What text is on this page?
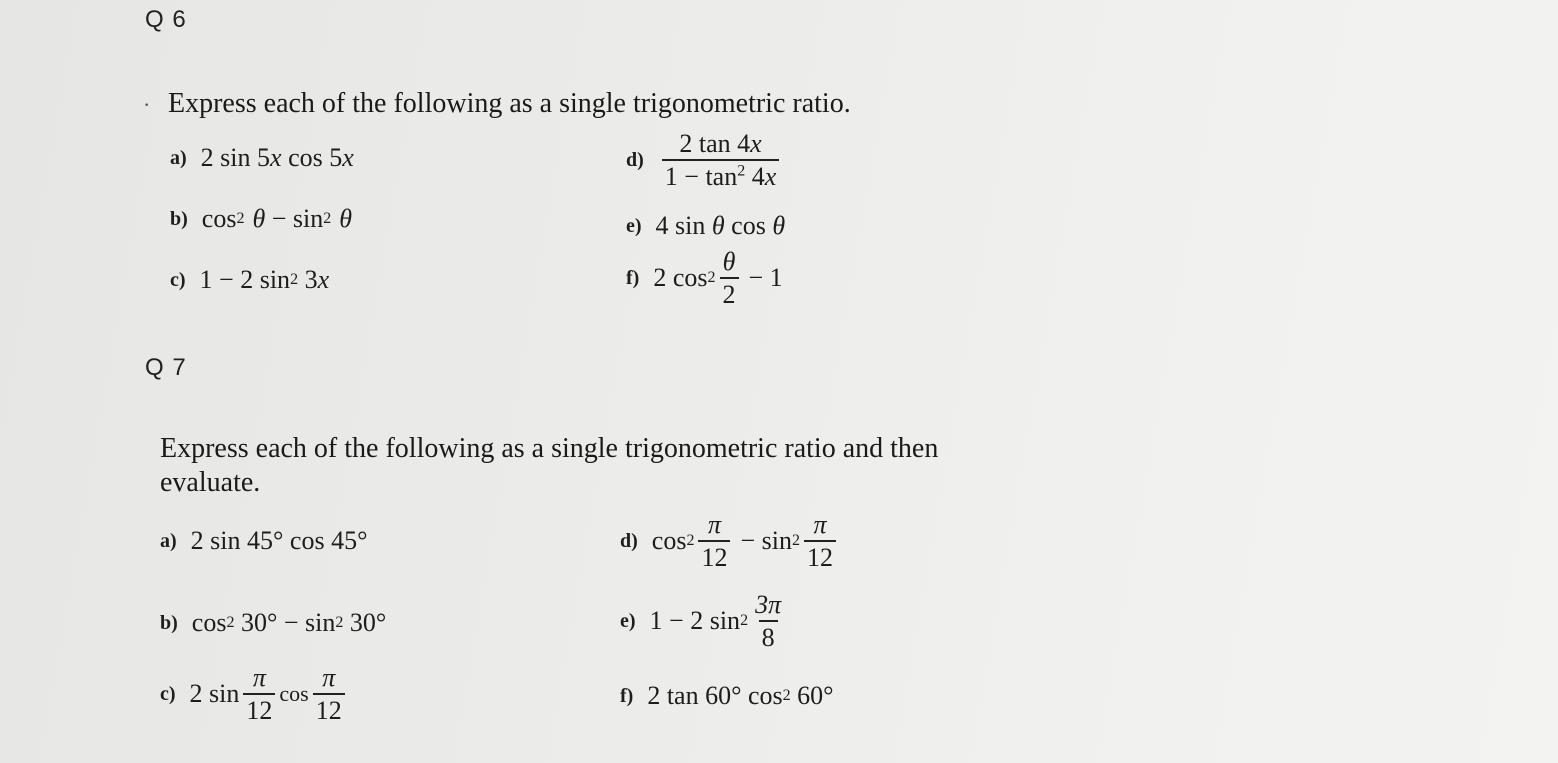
Q 6
· Express each of the following as a single trigonometric ratio.
a) 2 sin 5 x cos 5 x
b) cos 2 θ − sin 2 θ
c) 1 − 2 sin 2 3 x
$d) \frac{2 \tan 4x}{1 - \tan^2 4x}$
e) 4 sin θ cos θ
f) 2 $\cos 2 \frac{\theta}{2} - 1$
Q 7
Express each of the following as a single trigonometric ratio and then
evaluate.
a) 2 sin 45° cos 45°
b) cos 2 30° − sin 2 30°
c) 2 $\sin \frac{\pi}{12}$ $\cos \frac{\pi}{12}$
d) $\cos 2 \frac{\pi}{12} - \sin 2 \frac{\pi}{12}$
e) 1 − 2 $\sin 2 \frac{3\pi}{8}$
f) 2 tan 60° cos 2 60°
